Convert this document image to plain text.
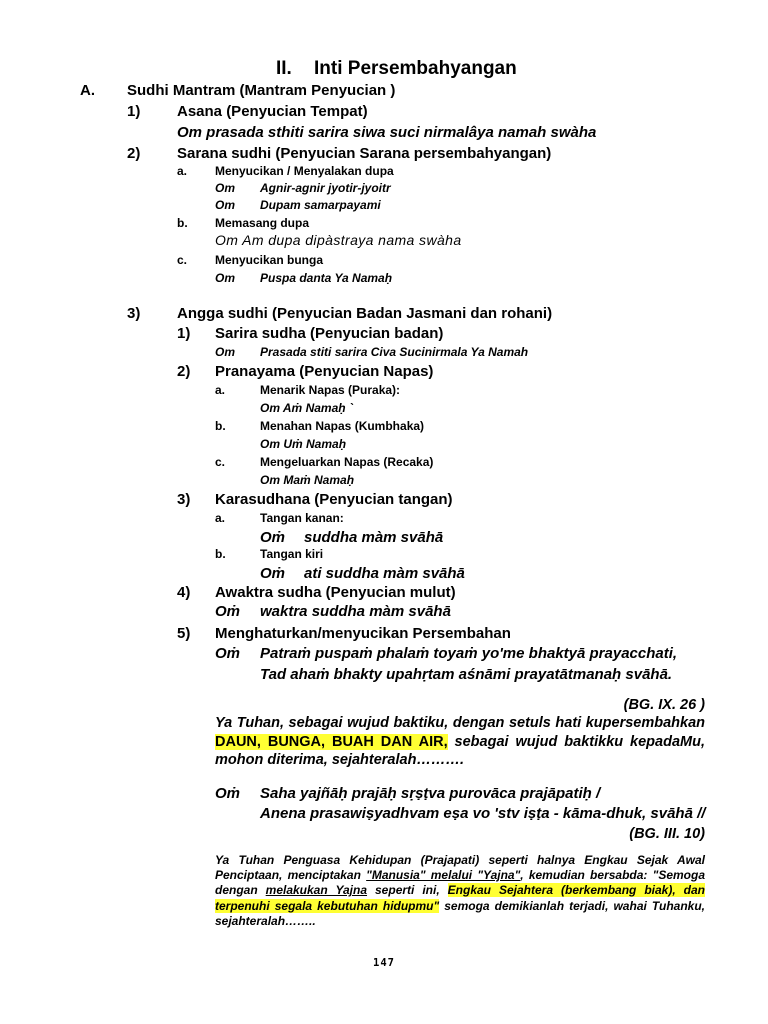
II. Inti Persembahyangan
A. Sudhi Mantram (Mantram Penyucian )
1) Asana (Penyucian Tempat)
Om prasada sthiti sarira siwa suci nirmalâya namah swàha
2) Sarana sudhi (Penyucian Sarana persembahyangan)
a. Menyucikan / Menyalakan dupa
Om Agnir-agnir jyotir-jyoitr
Om Dupam samarpayami
b. Memasang dupa
Om Am dupa dipàstraya nama swàha
c. Menyucikan bunga
Om Puspa danta Ya Namaḥ
3) Angga sudhi (Penyucian Badan Jasmani dan rohani)
1) Sarira sudha (Penyucian badan)
Om Prasada stiti sarira Civa Sucinirmala Ya Namah
2) Pranayama (Penyucian Napas)
a.	Menarik Napas (Puraka):
Om Aṁ Namaḥ `
b.	Menahan Napas (Kumbhaka)
Om Uṁ Namaḥ
c.	Mengeluarkan Napas (Recaka)
Om Maṁ Namaḥ
3) Karasudhana (Penyucian tangan)
a.	Tangan kanan:
Oṁ suddha màm svāhā
b.	Tangan kiri
Oṁ ati suddha màm svāhā
4) Awaktra sudha (Penyucian mulut)
Oṁ waktra suddha màm svāhā
5) Menghaturkan/menyucikan Persembahan
Oṁ Patraṁ puspaṁ phalaṁ toyaṁ yo'me bhaktyā prayacchati,
Tad ahaṁ bhakty upahṛtam aśnāmi prayatātmanaḥ svāhā.
(BG. IX. 26 )
Ya Tuhan, sebagai wujud baktiku, dengan setuls hati kupersembahkan DAUN, BUNGA, BUAH DAN AIR, sebagai wujud baktikku kepadaMu, mohon diterima, sejahteralah……….
Oṁ Saha yajñāḥ prajāḥ sṛṣṭva purovāca prajāpatiḥ /
Anena prasawiṣyadhvam eṣa vo 'stv iṣṭa - kāma-dhuk, svāhā //
(BG. III. 10)
Ya Tuhan Penguasa Kehidupan (Prajapati) seperti halnya Engkau Sejak Awal Penciptaan, menciptakan "Manusia" melalui "Yajna", kemudian bersabda: "Semoga dengan melakukan Yajna seperti ini, Engkau Sejahtera (berkembang biak), dan terpenuhi segala kebutuhan hidupmu" semoga demikianlah terjadi, wahai Tuhanku, sejahteralah……..
147
